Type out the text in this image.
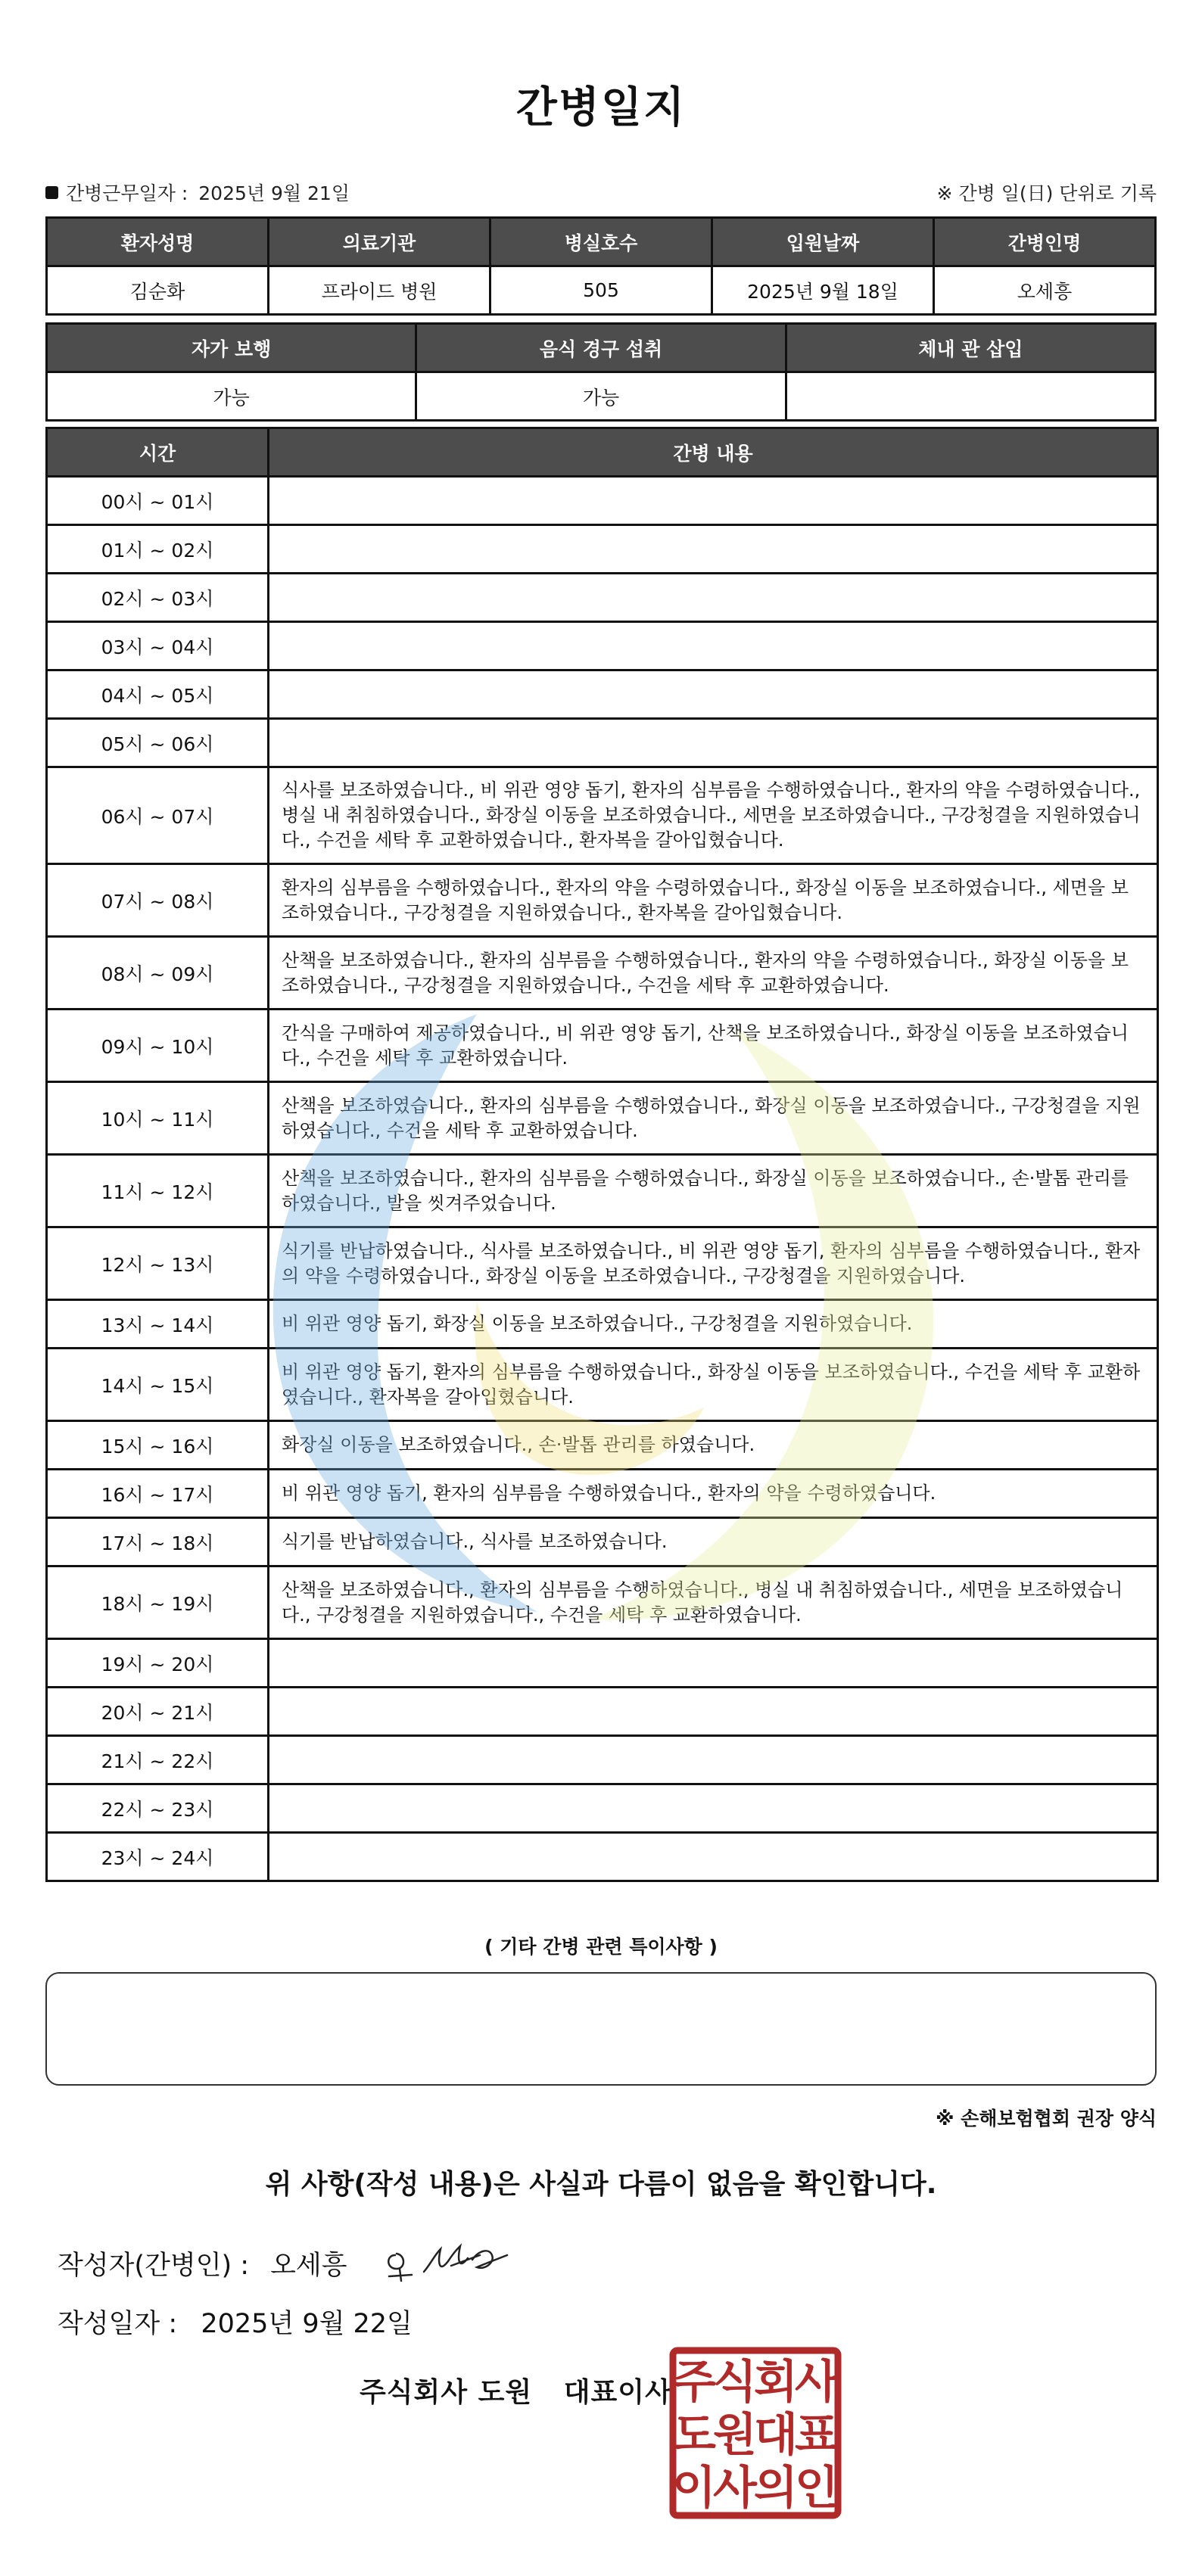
간병일지
간병근무일자 : 2025년 9월 21일	※ 간병 일(日) 단위로 기록
환자성명	의료기관	병실호수	입원날짜	간병인명
김순화	프라이드 병원	505	2025년 9월 18일	오세흥
자가 보행	음식 경구 섭취	체내 관 삽입
가능	가능	
시간	간병 내용
00시 ~ 01시	
01시 ~ 02시	
02시 ~ 03시	
03시 ~ 04시	
04시 ~ 05시	
05시 ~ 06시	
06시 ~ 07시	식사를 보조하였습니다., 비 위관 영양 돕기, 환자의 심부름을 수행하였습니다., 환자의 약을 수령하였습니다., 병실 내 취침하였습니다., 화장실 이동을 보조하였습니다., 세면을 보조하였습니다., 구강청결을 지원하였습니다., 수건을 세탁 후 교환하였습니다., 환자복을 갈아입혔습니다.
07시 ~ 08시	환자의 심부름을 수행하였습니다., 환자의 약을 수령하였습니다., 화장실 이동을 보조하였습니다., 세면을 보조하였습니다., 구강청결을 지원하였습니다., 환자복을 갈아입혔습니다.
08시 ~ 09시	산책을 보조하였습니다., 환자의 심부름을 수행하였습니다., 환자의 약을 수령하였습니다., 화장실 이동을 보조하였습니다., 구강청결을 지원하였습니다., 수건을 세탁 후 교환하였습니다.
09시 ~ 10시	간식을 구매하여 제공하였습니다., 비 위관 영양 돕기, 산책을 보조하였습니다., 화장실 이동을 보조하였습니다., 수건을 세탁 후 교환하였습니다.
10시 ~ 11시	산책을 보조하였습니다., 환자의 심부름을 수행하였습니다., 화장실 이동을 보조하였습니다., 구강청결을 지원하였습니다., 수건을 세탁 후 교환하였습니다.
11시 ~ 12시	산책을 보조하였습니다., 환자의 심부름을 수행하였습니다., 화장실 이동을 보조하였습니다., 손·발톱 관리를 하였습니다., 발을 씻겨주었습니다.
12시 ~ 13시	식기를 반납하였습니다., 식사를 보조하였습니다., 비 위관 영양 돕기, 환자의 심부름을 수행하였습니다., 환자의 약을 수령하였습니다., 화장실 이동을 보조하였습니다., 구강청결을 지원하였습니다.
13시 ~ 14시	비 위관 영양 돕기, 화장실 이동을 보조하였습니다., 구강청결을 지원하였습니다.
14시 ~ 15시	비 위관 영양 돕기, 환자의 심부름을 수행하였습니다., 화장실 이동을 보조하였습니다., 수건을 세탁 후 교환하였습니다., 환자복을 갈아입혔습니다.
15시 ~ 16시	화장실 이동을 보조하였습니다., 손·발톱 관리를 하였습니다.
16시 ~ 17시	비 위관 영양 돕기, 환자의 심부름을 수행하였습니다., 환자의 약을 수령하였습니다.
17시 ~ 18시	식기를 반납하였습니다., 식사를 보조하였습니다.
18시 ~ 19시	산책을 보조하였습니다., 환자의 심부름을 수행하였습니다., 병실 내 취침하였습니다., 세면을 보조하였습니다., 구강청결을 지원하였습니다., 수건을 세탁 후 교환하였습니다.
19시 ~ 20시	
20시 ~ 21시	
21시 ~ 22시	
22시 ~ 23시	
23시 ~ 24시	
( 기타 간병 관련 특이사항 )
※ 손해보험협회 권장 양식
위 사항(작성 내용)은 사실과 다름이 없음을 확인합니다.
작성자(간병인) : 오세흥
작성일자 : 2025년 9월 22일
주식회사 도원 대표이사 주
식
회
사
도
원
대
표
이
사
의
인
